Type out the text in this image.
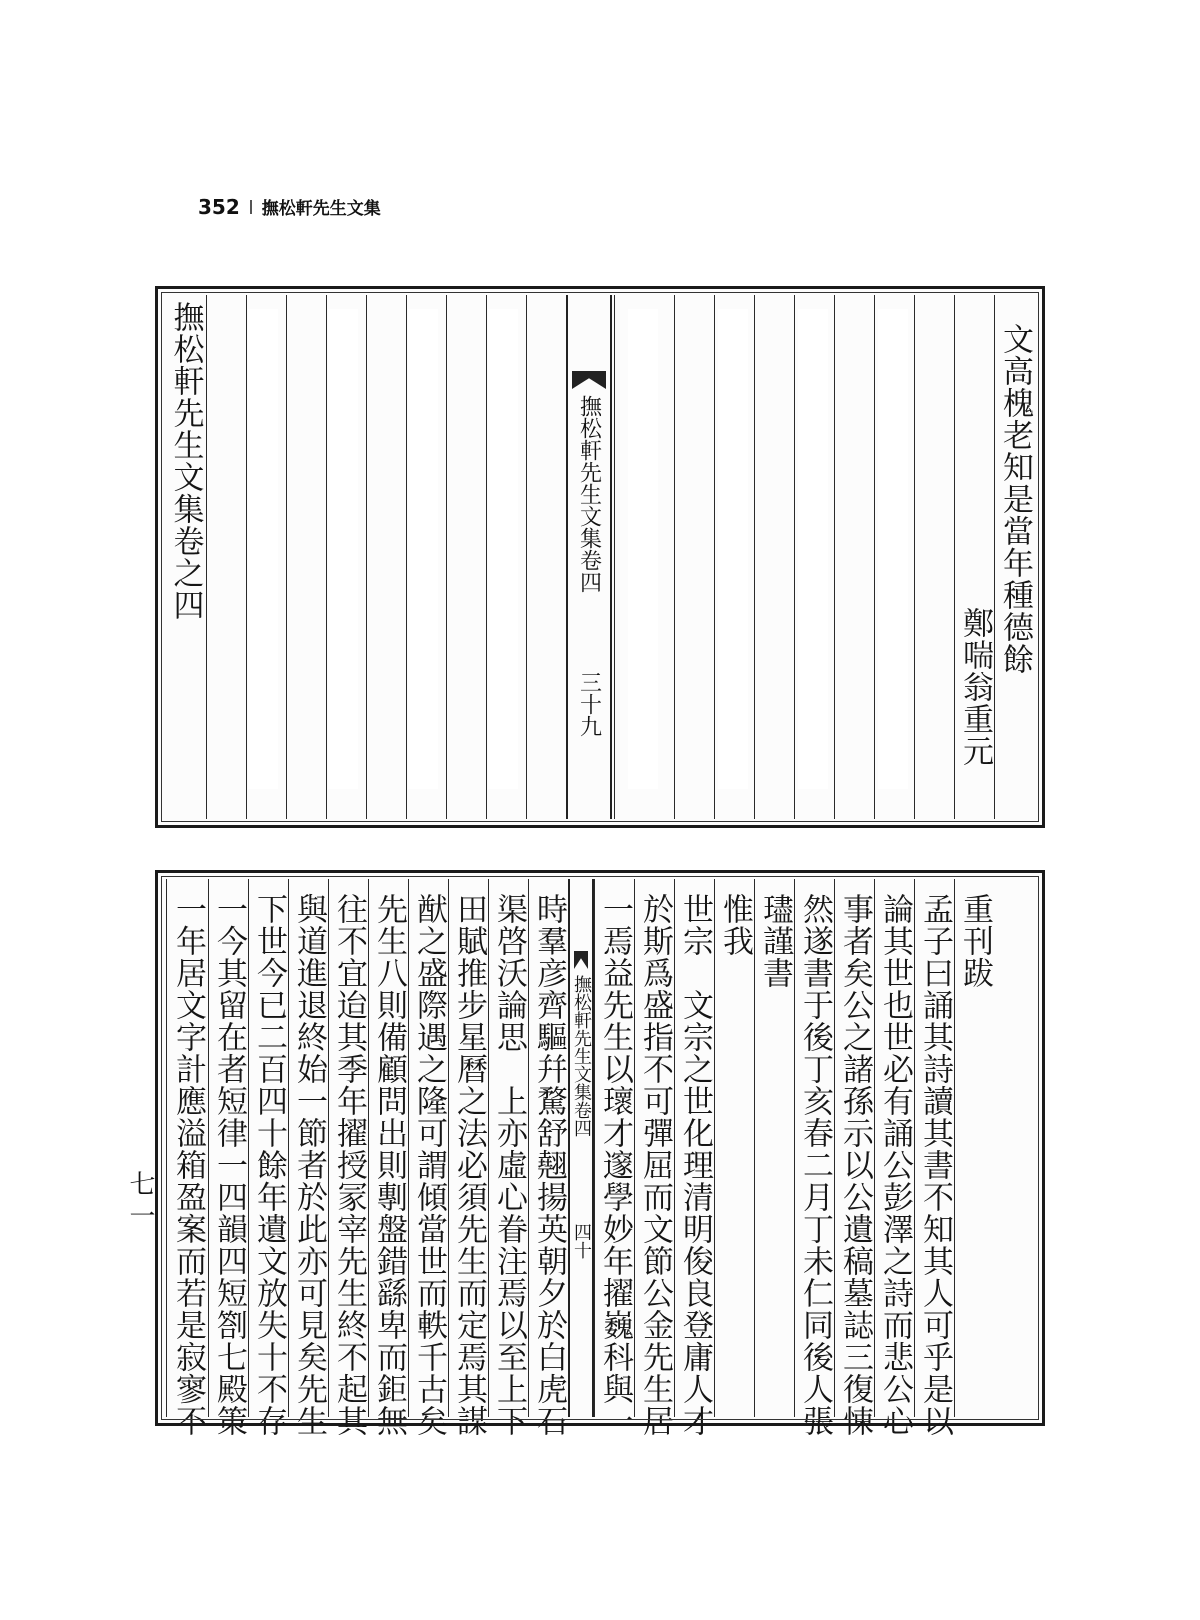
352 撫松軒先生文集
文高槐老知是當年種德餘
鄭喘翁重元
撫松軒先生文集卷四
三十九
撫松軒先生文集卷之四
重刊跋
孟子曰誦其詩讀其書不知其人可乎是以
論其世也世必有誦公彭澤之詩而悲公心
事者矣公之諸孫示以公遺稿墓誌三復悚
然遂書于後丁亥春二月丁未仁同後人張
璶謹書
惟我
世宗　文宗之世化理清明俊良登庸人才
於斯爲盛指不可彈屈而文節公金先生居
一焉益先生以瓌才邃學妙年擢巍科與一
撫松軒先生文集卷四
四十
時羣彦齊驅幷騖舒翹揚英朝夕於白虎石
渠啓沃論思　上亦虛心眷注焉以至上下
田賦推步星曆之法必須先生而定焉其謀
猷之盛際遇之隆可謂傾當世而軼千古矣
先生八則備顧問出則剸盤錯繇卑而鉅無
往不宜迨其季年擢授冡宰先生終不起其
與道進退終始一節者於此亦可見矣先生
下世今已二百四十餘年遺文放失十不存
一今其留在者短律一四韻四短劄七殿策
一年居文字計應溢箱盈案而若是寂寥不
七一
